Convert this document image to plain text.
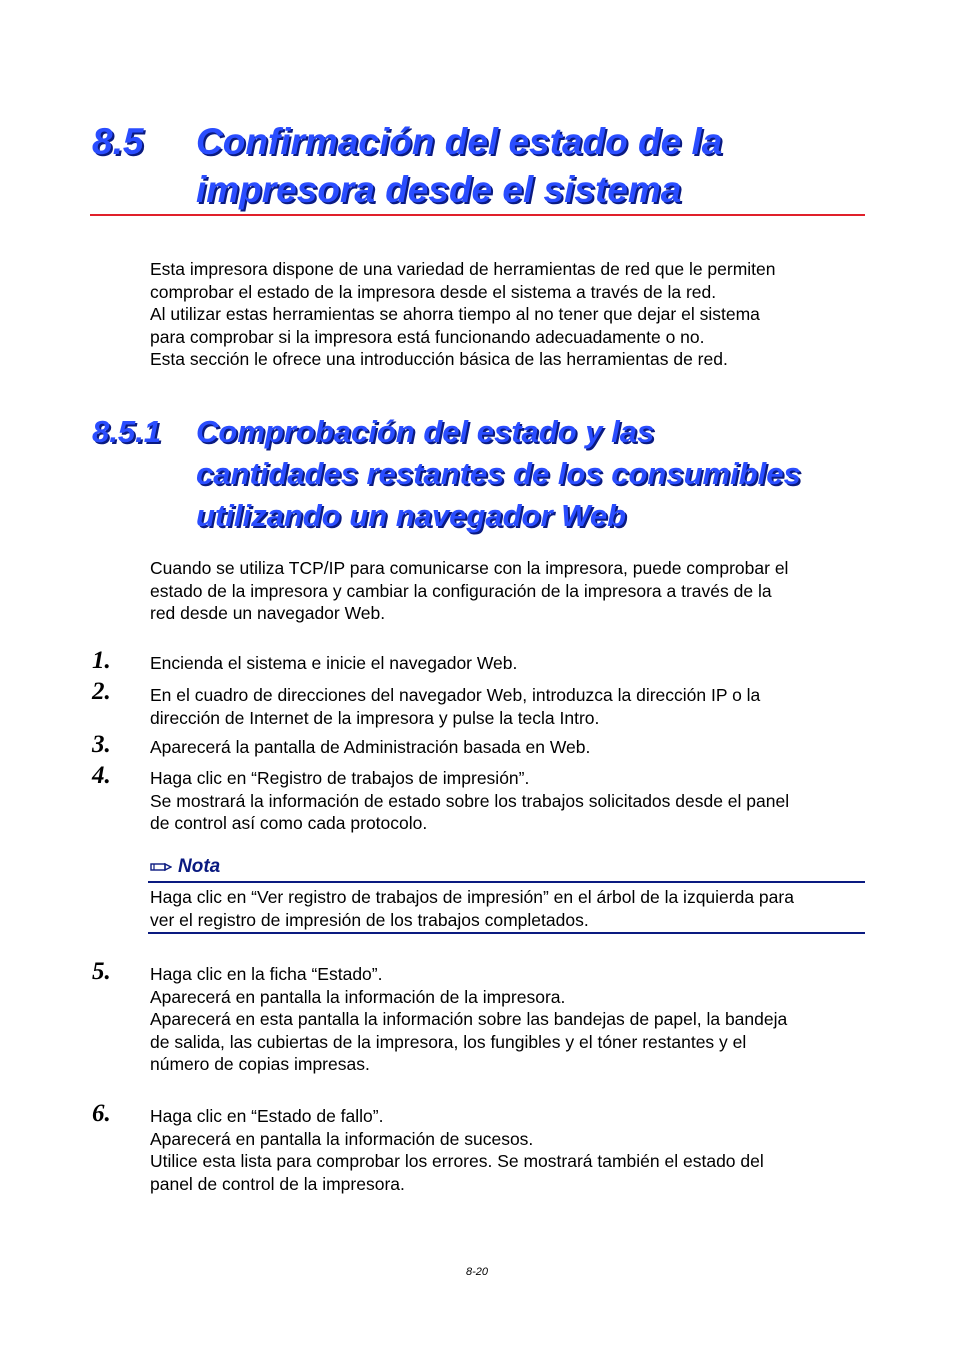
8.5 Confirmación del estado de la
impresora desde el sistema
Esta impresora dispone de una variedad de herramientas de red que le permiten
comprobar el estado de la impresora desde el sistema a través de la red.
Al utilizar estas herramientas se ahorra tiempo al no tener que dejar el sistema
para comprobar si la impresora está funcionando adecuadamente o no.
Esta sección le ofrece una introducción básica de las herramientas de red.
8.5.1 Comprobación del estado y las
cantidades restantes de los consumibles
utilizando un navegador Web
Cuando se utiliza TCP/IP para comunicarse con la impresora, puede comprobar el
estado de la impresora y cambiar la configuración de la impresora a través de la
red desde un navegador Web.
1. Encienda el sistema e inicie el navegador Web.
2. En el cuadro de direcciones del navegador Web, introduzca la dirección IP o la
dirección de Internet de la impresora y pulse la tecla Intro.
3. Aparecerá la pantalla de Administración basada en Web.
4. Haga clic en “Registro de trabajos de impresión”.
Se mostrará la información de estado sobre los trabajos solicitados desde el panel
de control así como cada protocolo.
Nota
Haga clic en “Ver registro de trabajos de impresión” en el árbol de la izquierda para
ver el registro de impresión de los trabajos completados.
5. Haga clic en la ficha “Estado”.
Aparecerá en pantalla la información de la impresora.
Aparecerá en esta pantalla la información sobre las bandejas de papel, la bandeja
de salida, las cubiertas de la impresora, los fungibles y el tóner restantes y el
número de copias impresas.
6. Haga clic en “Estado de fallo”.
Aparecerá en pantalla la información de sucesos.
Utilice esta lista para comprobar los errores. Se mostrará también el estado del
panel de control de la impresora.
8-20
